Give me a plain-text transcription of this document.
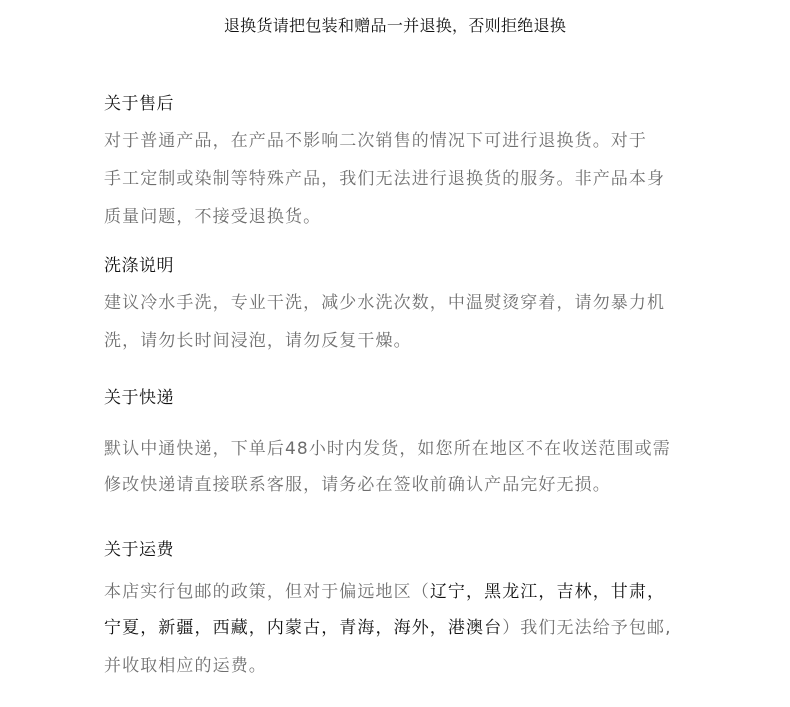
退换货请把包装和赠品一并退换，否则拒绝退换
关于售后
对于普通产品，在产品不影响二次销售的情况下可进行退换货。对于
手工定制或染制等特殊产品，我们无法进行退换货的服务。非产品本身
质量问题，不接受退换货。
洗涤说明
建议冷水手洗，专业干洗，减少水洗次数，中温熨烫穿着，请勿暴力机
洗，请勿长时间浸泡，请勿反复干燥。
关于快递
默认中通快递，下单后48小时内发货，如您所在地区不在收送范围或需
修改快递请直接联系客服，请务必在签收前确认产品完好无损。
关于运费
本店实行包邮的政策，但对于偏远地区（辽宁，黑龙江，吉林，甘肃，
宁夏，新疆，西藏，内蒙古，青海，海外，港澳台）我们无法给予包邮,
并收取相应的运费。
